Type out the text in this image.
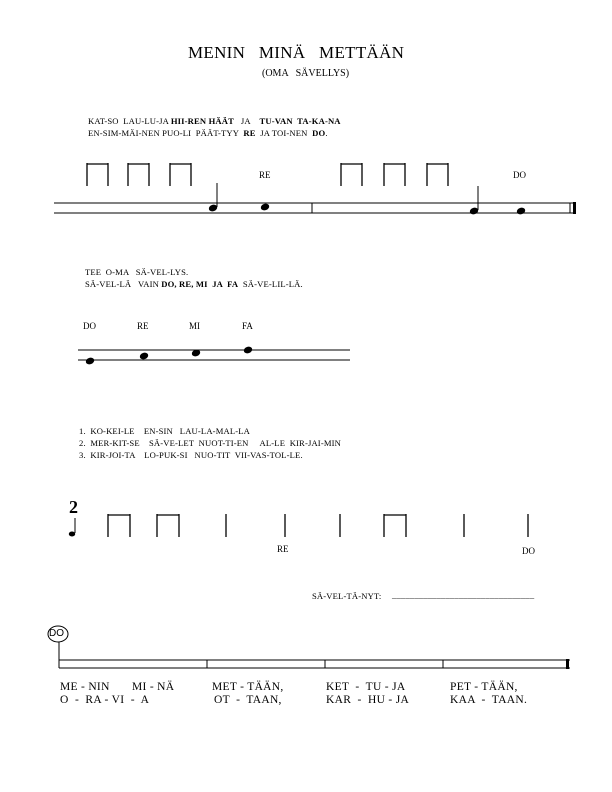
MENIN   MINÄ   METTÄÄN
(OMA   SÄVELLYS)
KAT-SO  LAU-LU-JA HII-REN HÄÄT   JA    TU-VAN  TA-KA-NA
EN-SIM-MÄI-NEN PUO-LI  PÄÄT-TYY  RE  JA TOI-NEN  DO.
RE	DO
TEE  O-MA   SÄ-VEL-LYS.
SÄ-VEL-LÄ   VAIN DO, RE, MI  JA  FA  SÄ-VE-LIL-LÄ.
DO	RE	MI	FA
1.  KO-KEI-LE    EN-SIN   LAU-LA-MAL-LA
2.  MER-KIT-SE    SÄ-VE-LET  NUOT-TI-EN     AL-LE  KIR-JAI-MIN
3.  KIR-JOI-TA    LO-PUK-SI   NUO-TIT  VII-VAS-TOL-LE.
2
RE	DO
SÄ-VEL-TÄ-NYT: ________________________________
DO
ME - NIN MI - NÄ	MET - TÄÄN,	KET  -  TU - JA	PET - TÄÄN,
O  -  RA - VI  -  A	OT  -  TAAN,	KAR  -  HU - JA	KAA  -  TAAN.
